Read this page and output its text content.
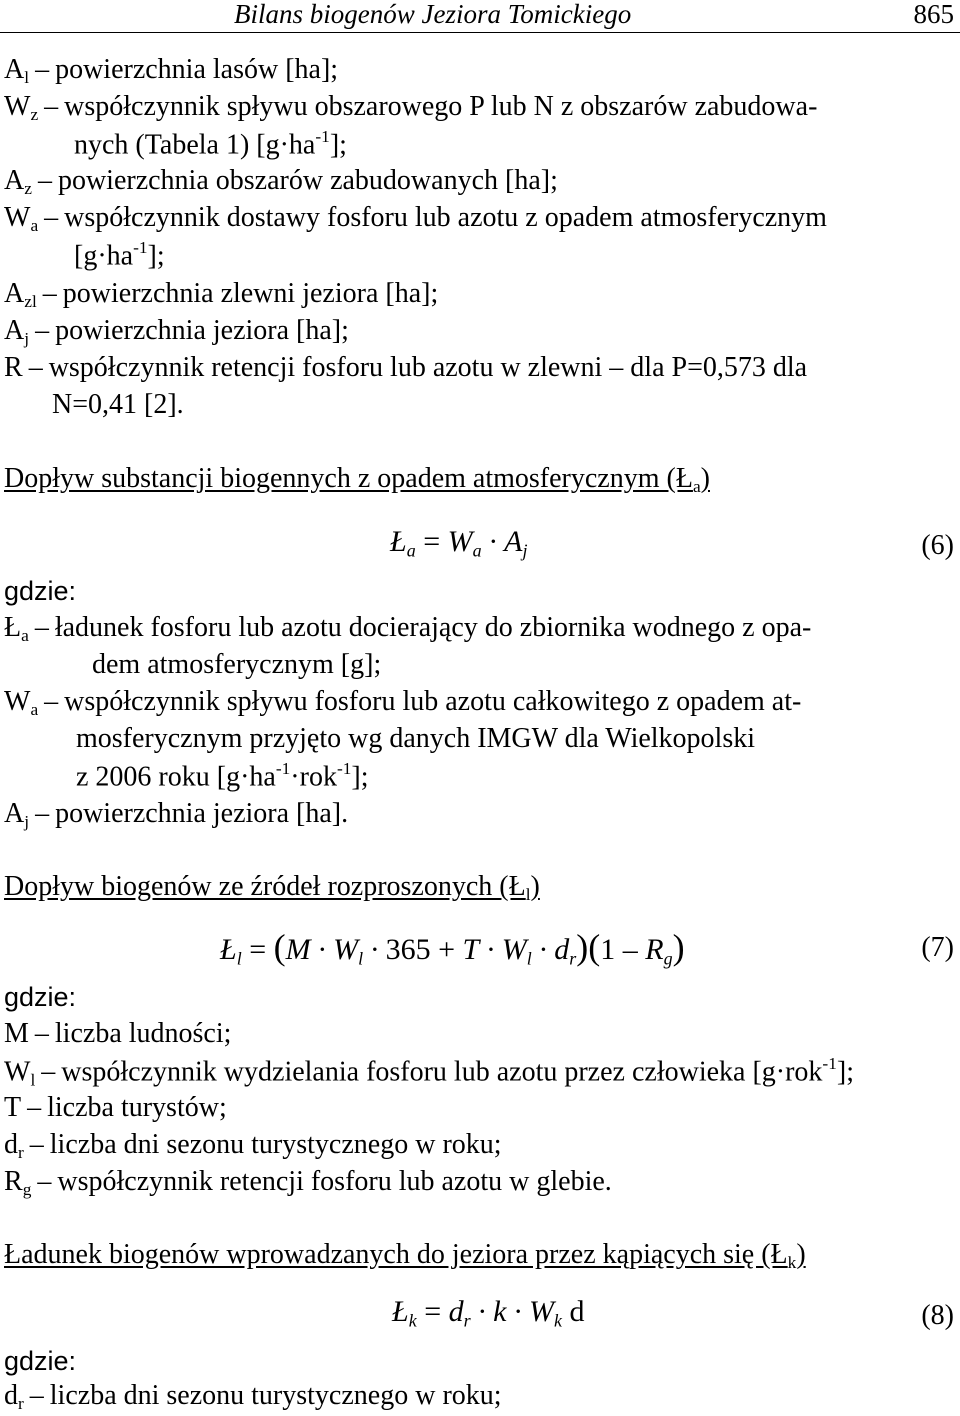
Bilans biogenów Jeziora Tomickiego	865
$A_l$ – powierzchnia lasów [ha];
$W_z$ – współczynnik spływu obszarowego P lub N z obszarów zabudowa-
nych (Tabela 1) $[g\cdot ha^{-1}]$;
$A_z$ – powierzchnia obszarów zabudowanych [ha];
$W_a$ – współczynnik dostawy fosforu lub azotu z opadem atmosferycznym
$[g\cdot ha^{-1}]$;
$A_{zl}$ – powierzchnia zlewni jeziora [ha];
$A_j$ – powierzchnia jeziora [ha];
R – współczynnik retencji fosforu lub azotu w zlewni – dla P=0,573 dla
N=0,41 [2].
Dopływ substancji biogennych z opadem atmosferycznym $(Ł_a)$
$Ł_a = W_a \cdot A_j$	(6)
gdzie:
$Ł_a$ – ładunek fosforu lub azotu docierający do zbiornika wodnego z opa-
dem atmosferycznym [g];
$W_a$ – współczynnik spływu fosforu lub azotu całkowitego z opadem at-
mosferycznym przyjęto wg danych IMGW dla Wielkopolski
z 2006 roku $[g\cdot ha^{-1}\cdot rok^{-1}]$;
$A_j$ – powierzchnia jeziora [ha].
Dopływ biogenów ze źródeł rozproszonych $(Ł_l)$
$Ł_l = (M \cdot W_l \cdot 365 + T \cdot W_l \cdot d_r)(1 - R_g)$	(7)
gdzie:
M – liczba ludności;
$W_l$ – współczynnik wydzielania fosforu lub azotu przez człowieka [g·rok$^{-1}$];
T – liczba turystów;
$d_r$ – liczba dni sezonu turystycznego w roku;
$R_g$ – współczynnik retencji fosforu lub azotu w glebie.
Ładunek biogenów wprowadzanych do jeziora przez kąpiących się $(Ł_k)$
$Ł_k = d_r \cdot k \cdot W_k$ d	(8)
gdzie:
$d_r$ – liczba dni sezonu turystycznego w roku;
